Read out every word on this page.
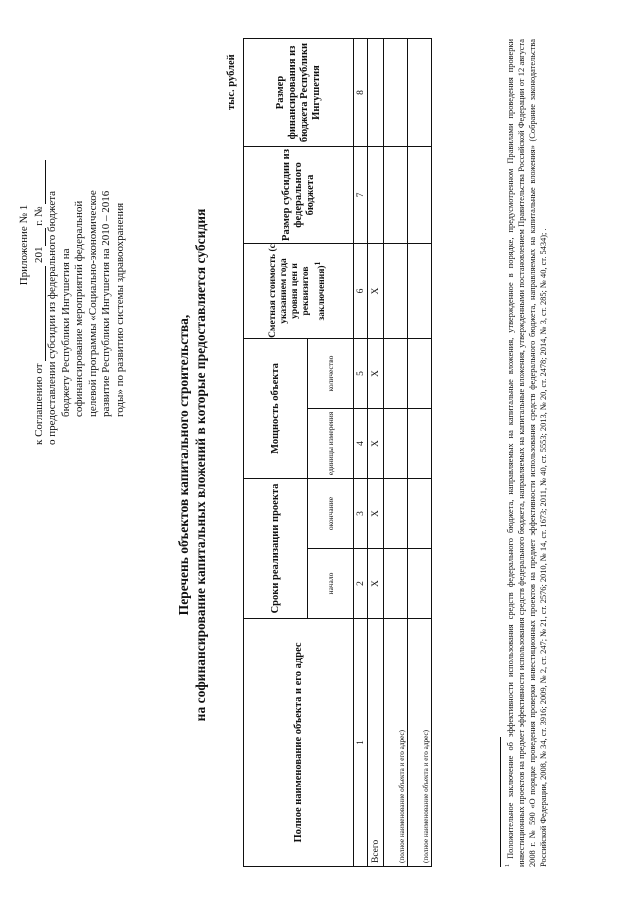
Приложение № 1
к Соглашению от   201  г. № о предоставлении субсидии из федерального бюджета бюджету Республики Ингушетия на софинансирование мероприятий федеральной целевой программы «Социально-экономическое развитие Республики Ингушетия на 2010 – 2016 годы» по развитию системы здравоохранения
Перечень объектов капитального строительства, на софинансирование капитальных вложений в которые предоставляется субсидия
тыс. рублей
Полное наименование объекта и его адрес	Сроки реализации проекта		Мощность объекта		Сметная стоимость (с указанием года уровня цен и реквизитов заключения)$^1$	Размер субсидии из федерального бюджета	Размер финансирования из бюджета Республики Ингушетия
	начало	окончание	единицы измерения	количество			
1	2	3	4	5	6	7	8
Всего	Х	Х	Х	Х	Х		
(полное наименование объекта и его адрес)							
(полное наименование объекта и его адрес)							
$^1$ Положительное заключение об эффективности использования средств федерального бюджета, направляемых на капитальные вложения, утвержденное в порядке, предусмотренном Правилами проведения проверки инвестиционных проектов на предмет эффективности использования средств федерального бюджета, направляемых на капитальные вложения, утвержденными постановлением Правительства Российской Федерации от 12 августа 2008 г. № 590 «О порядке проведения проверки инвестиционных проектов на предмет эффективности использования средств федерального бюджета, направляемых на капитальные вложения» (Собрание законодательства Российской Федерации, 2008, № 34, ст. 3916; 2009, № 2, ст. 247; № 21, ст. 2576; 2010, № 14, ст. 1673; 2011, № 40, ст. 5553; 2013, № 20, ст. 2478; 2014, № 3, ст. 285; № 40, ст. 5434); .
